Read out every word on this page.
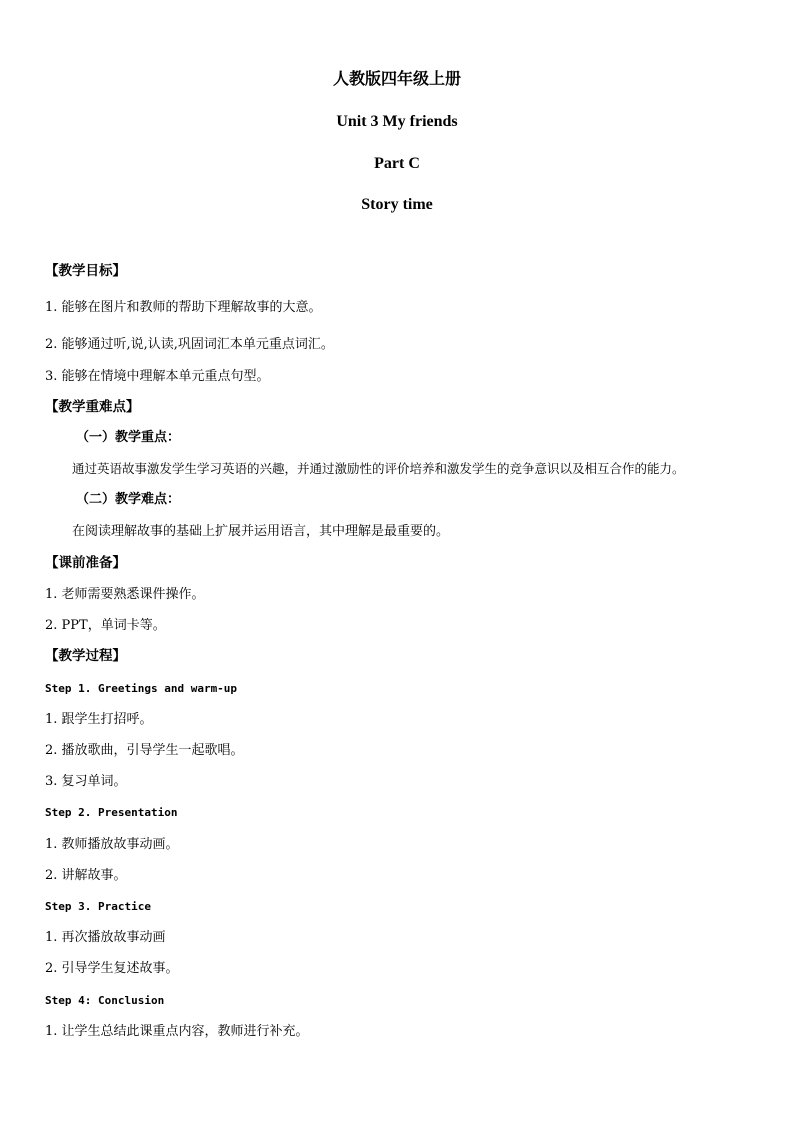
人教版四年级上册
Unit 3 My friends
Part C
Story time
【教学目标】
1. 能够在图片和教师的帮助下理解故事的大意。
2. 能够通过听,说,认读,巩固词汇本单元重点词汇。
3. 能够在情境中理解本单元重点句型。
【教学重难点】
（一）教学重点：
通过英语故事激发学生学习英语的兴趣，并通过激励性的评价培养和激发学生的竞争意识以及相互合作的能力。
（二）教学难点：
在阅读理解故事的基础上扩展并运用语言，其中理解是最重要的。
【课前准备】
1. 老师需要熟悉课件操作。
2. PPT，单词卡等。
【教学过程】
Step 1. Greetings and warm-up
1. 跟学生打招呼。
2. 播放歌曲，引导学生一起歌唱。
3. 复习单词。
Step 2. Presentation
1. 教师播放故事动画。
2. 讲解故事。
Step 3. Practice
1. 再次播放故事动画
2. 引导学生复述故事。
Step 4: Conclusion
1. 让学生总结此课重点内容，教师进行补充。
